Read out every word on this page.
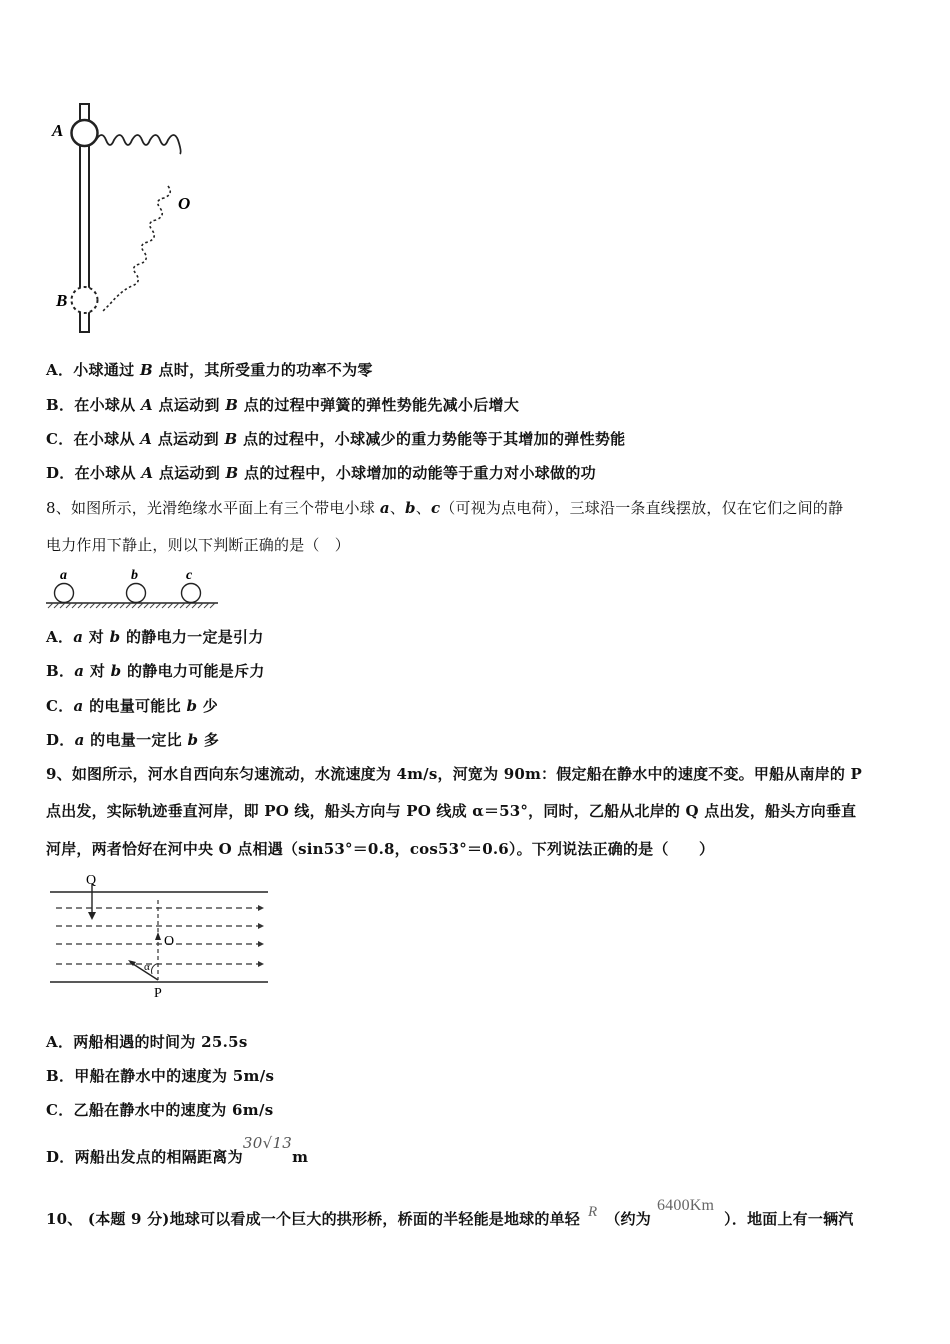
A
O
B
A．小球通过 B 点时，其所受重力的功率不为零
B．在小球从 A 点运动到 B 点的过程中弹簧的弹性势能先减小后增大
C．在小球从 A 点运动到 B 点的过程中，小球减少的重力势能等于其增加的弹性势能
D．在小球从 A 点运动到 B 点的过程中，小球增加的动能等于重力对小球做的功
8、如图所示，光滑绝缘水平面上有三个带电小球 a、b、c（可视为点电荷），三球沿一条直线摆放，仅在它们之间的静
电力作用下静止，则以下判断正确的是（　）
a	b	c
A．a 对 b 的静电力一定是引力
B．a 对 b 的静电力可能是斥力
C．a 的电量可能比 b 少
D．a 的电量一定比 b 多
9、如图所示，河水自西向东匀速流动，水流速度为 4m/s，河宽为 90m：假定船在静水中的速度不变。甲船从南岸的 P
点出发，实际轨迹垂直河岸，即 PO 线，船头方向与 PO 线成 α＝53°，同时，乙船从北岸的 Q 点出发，船头方向垂直
河岸，两者恰好在河中央 O 点相遇（sin53°＝0.8，cos53°＝0.6）。下列说法正确的是（　　）
Q
O
P
α
A．两船相遇的时间为 25.5s
B．甲船在静水中的速度为 5m/s
C．乙船在静水中的速度为 6m/s
D．两船出发点的相隔距离为30√13m
10、 (本题 9 分)地球可以看成一个巨大的拱形桥，桥面的半轻能是地球的单轻 R （约为6400Km）．地面上有一辆汽
